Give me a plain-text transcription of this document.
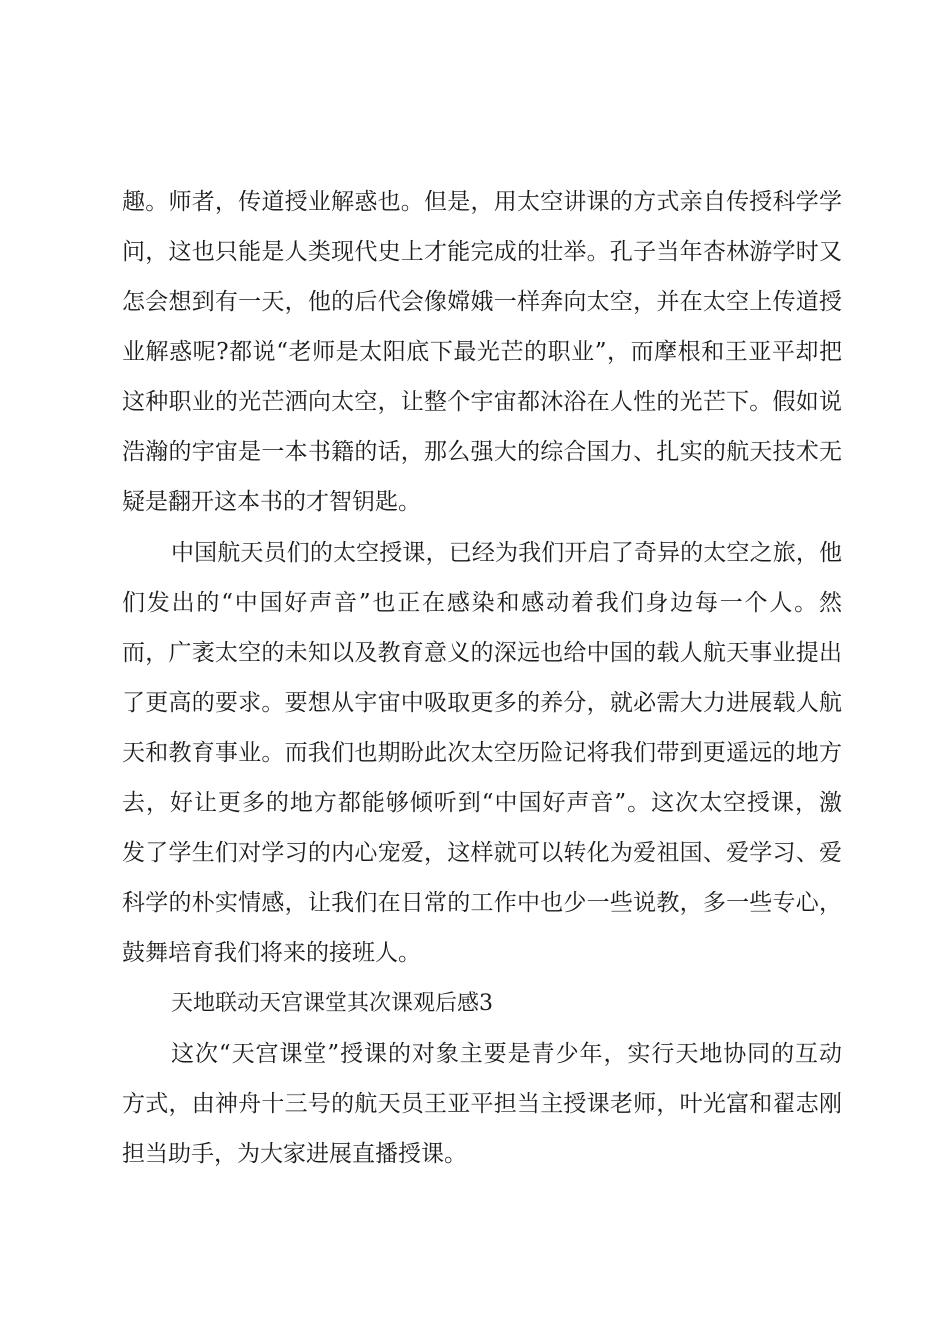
趣。师者，传道授业解惑也。但是，用太空讲课的方式亲自传授科学学
问，这也只能是人类现代史上才能完成的壮举。孔子当年杏林游学时又
怎会想到有一天，他的后代会像嫦娥一样奔向太空，并在太空上传道授
业解惑呢?都说“老师是太阳底下最光芒的职业”，而摩根和王亚平却把
这种职业的光芒洒向太空，让整个宇宙都沐浴在人性的光芒下。假如说
浩瀚的宇宙是一本书籍的话，那么强大的综合国力、扎实的航天技术无
疑是翻开这本书的才智钥匙。
中国航天员们的太空授课，已经为我们开启了奇异的太空之旅，他
们发出的“中国好声音”也正在感染和感动着我们身边每一个人。然
而，广袤太空的未知以及教育意义的深远也给中国的载人航天事业提出
了更高的要求。要想从宇宙中吸取更多的养分，就必需大力进展载人航
天和教育事业。而我们也期盼此次太空历险记将我们带到更遥远的地方
去，好让更多的地方都能够倾听到“中国好声音”。这次太空授课，激
发了学生们对学习的内心宠爱，这样就可以转化为爱祖国、爱学习、爱
科学的朴实情感，让我们在日常的工作中也少一些说教，多一些专心，
鼓舞培育我们将来的接班人。
天地联动天宫课堂其次课观后感3
这次“天宫课堂”授课的对象主要是青少年，实行天地协同的互动
方式，由神舟十三号的航天员王亚平担当主授课老师，叶光富和翟志刚
担当助手，为大家进展直播授课。
